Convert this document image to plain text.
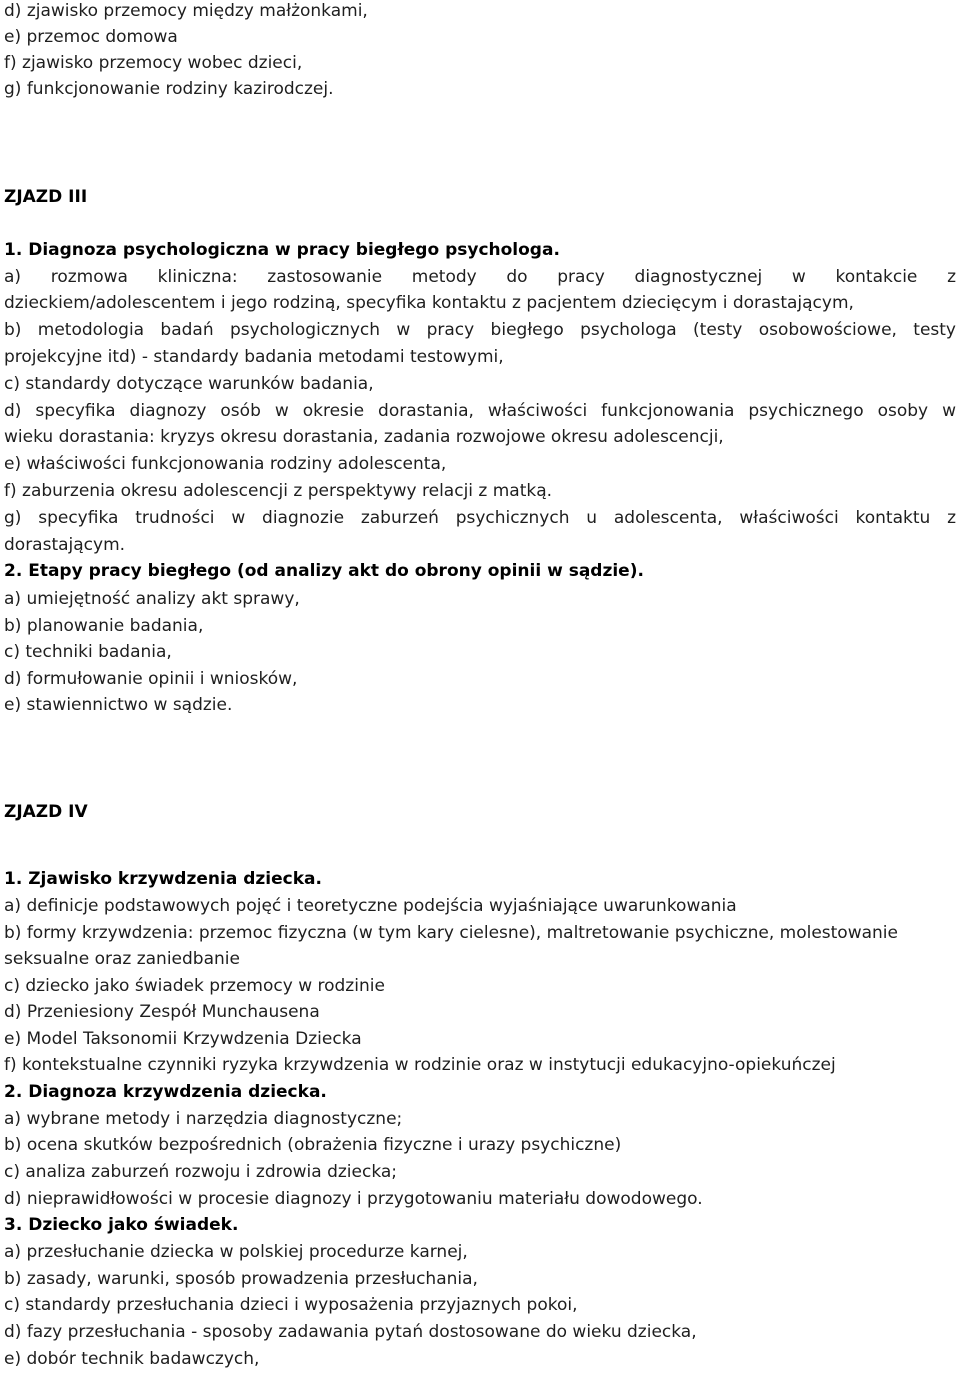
d) zjawisko przemocy między małżonkami,
e) przemoc domowa
f) zjawisko przemocy wobec dzieci,
g) funkcjonowanie rodziny kazirodczej.
ZJAZD III
1. Diagnoza psychologiczna w pracy biegłego psychologa.
a) rozmowa kliniczna: zastosowanie metody do pracy diagnostycznej w kontakcie z
dzieckiem/adolescentem i jego rodziną, specyfika kontaktu z pacjentem dziecięcym i dorastającym,
b) metodologia badań psychologicznych w pracy biegłego psychologa (testy osobowościowe, testy
projekcyjne itd) - standardy badania metodami testowymi,
c) standardy dotyczące warunków badania,
d) specyfika diagnozy osób w okresie dorastania, właściwości funkcjonowania psychicznego osoby w
wieku dorastania: kryzys okresu dorastania, zadania rozwojowe okresu adolescencji,
e) właściwości funkcjonowania rodziny adolescenta,
f) zaburzenia okresu adolescencji z perspektywy relacji z matką.
g) specyfika trudności w diagnozie zaburzeń psychicznych u adolescenta, właściwości kontaktu z
dorastającym.
2. Etapy pracy biegłego (od analizy akt do obrony opinii w sądzie).
a) umiejętność analizy akt sprawy,
b) planowanie badania,
c) techniki badania,
d) formułowanie opinii i wniosków,
e) stawiennictwo w sądzie.
ZJAZD IV
1. Zjawisko krzywdzenia dziecka.
a) definicje podstawowych pojęć i teoretyczne podejścia wyjaśniające uwarunkowania
b) formy krzywdzenia: przemoc fizyczna (w tym kary cielesne), maltretowanie psychiczne, molestowanie
seksualne oraz zaniedbanie
c) dziecko jako świadek przemocy w rodzinie
d) Przeniesiony Zespół Munchausena
e) Model Taksonomii Krzywdzenia Dziecka
f) kontekstualne czynniki ryzyka krzywdzenia w rodzinie oraz w instytucji edukacyjno-opiekuńczej
2. Diagnoza krzywdzenia dziecka.
a) wybrane metody i narzędzia diagnostyczne;
b) ocena skutków bezpośrednich (obrażenia fizyczne i urazy psychiczne)
c) analiza zaburzeń rozwoju i zdrowia dziecka;
d) nieprawidłowości w procesie diagnozy i przygotowaniu materiału dowodowego.
3. Dziecko jako świadek.
a) przesłuchanie dziecka w polskiej procedurze karnej,
b) zasady, warunki, sposób prowadzenia przesłuchania,
c) standardy przesłuchania dzieci i wyposażenia przyjaznych pokoi,
d) fazy przesłuchania - sposoby zadawania pytań dostosowane do wieku dziecka,
e) dobór technik badawczych,
